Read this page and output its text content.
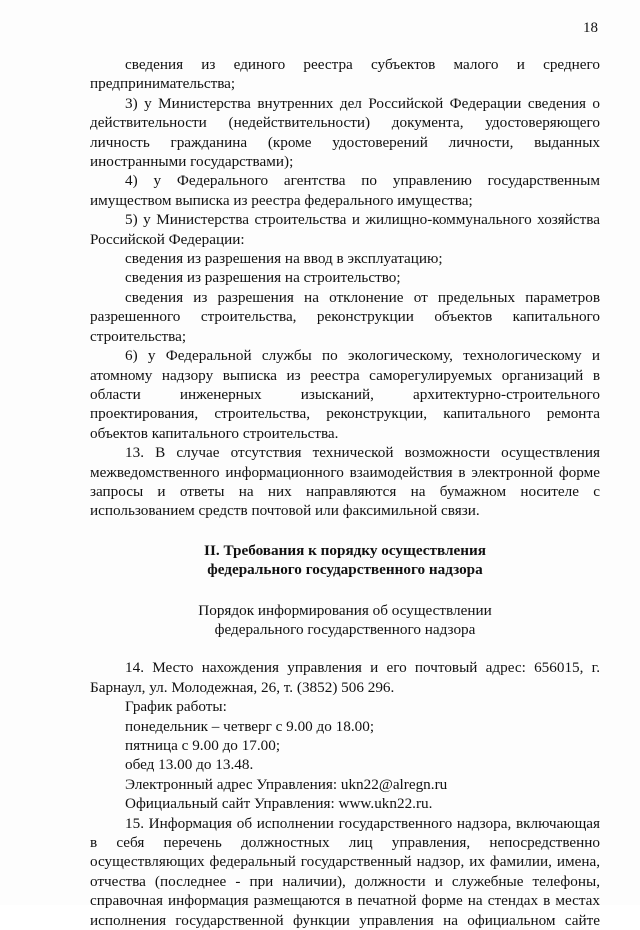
18

сведения из единого реестра субъектов малого и среднего

предпринимательства;

3) у Министерства внутренних дел Российской Федерации сведения о действительности (недействительности) документа, удостоверяющего личность гражданина (кроме удостоверений личности, выданных иностранными государствами);

4) у Федерального агентства по управлению государственным имуществом выписка из реестра федерального имущества;

5) у Министерства строительства и жилищно-коммунального хозяйства Российской Федерации:

сведения из разрешения на ввод в эксплуатацию;

сведения из разрешения на строительство;

сведения из разрешения на отклонение от предельных параметров разрешенного строительства, реконструкции объектов капитального строительства;

6) у Федеральной службы по экологическому, технологическому и атомному надзору выписка из реестра саморегулируемых организаций в области инженерных изысканий, архитектурно-строительного проектирования, строительства, реконструкции, капитального ремонта объектов капитального строительства.

13. В случае отсутствия технической возможности осуществления межведомственного информационного взаимодействия в электронной форме запросы и ответы на них направляются на бумажном носителе с использованием средств почтовой или факсимильной связи.

II. Требования к порядку осуществления

федерального государственного надзора

Порядок информирования об осуществлении

федерального государственного надзора

14. Место нахождения управления и его почтовый адрес: 656015, г. Барнаул, ул. Молодежная, 26, т. (3852) 506 296.

График работы:

понедельник – четверг с 9.00 до 18.00;

пятница с 9.00 до 17.00;

обед 13.00 до 13.48.

Электронный адрес Управления: ukn22@alregn.ru

Официальный сайт Управления: www.ukn22.ru.

15. Информация об исполнении государственного надзора, включающая в себя перечень должностных лиц управления, непосредственно осуществляющих федеральный государственный надзор, их фамилии, имена, отчества (последнее - при наличии), должности и служебные телефоны, справочная информация размещаются в печатной форме на стендах в местах исполнения государственной функции управления на официальном сайте
